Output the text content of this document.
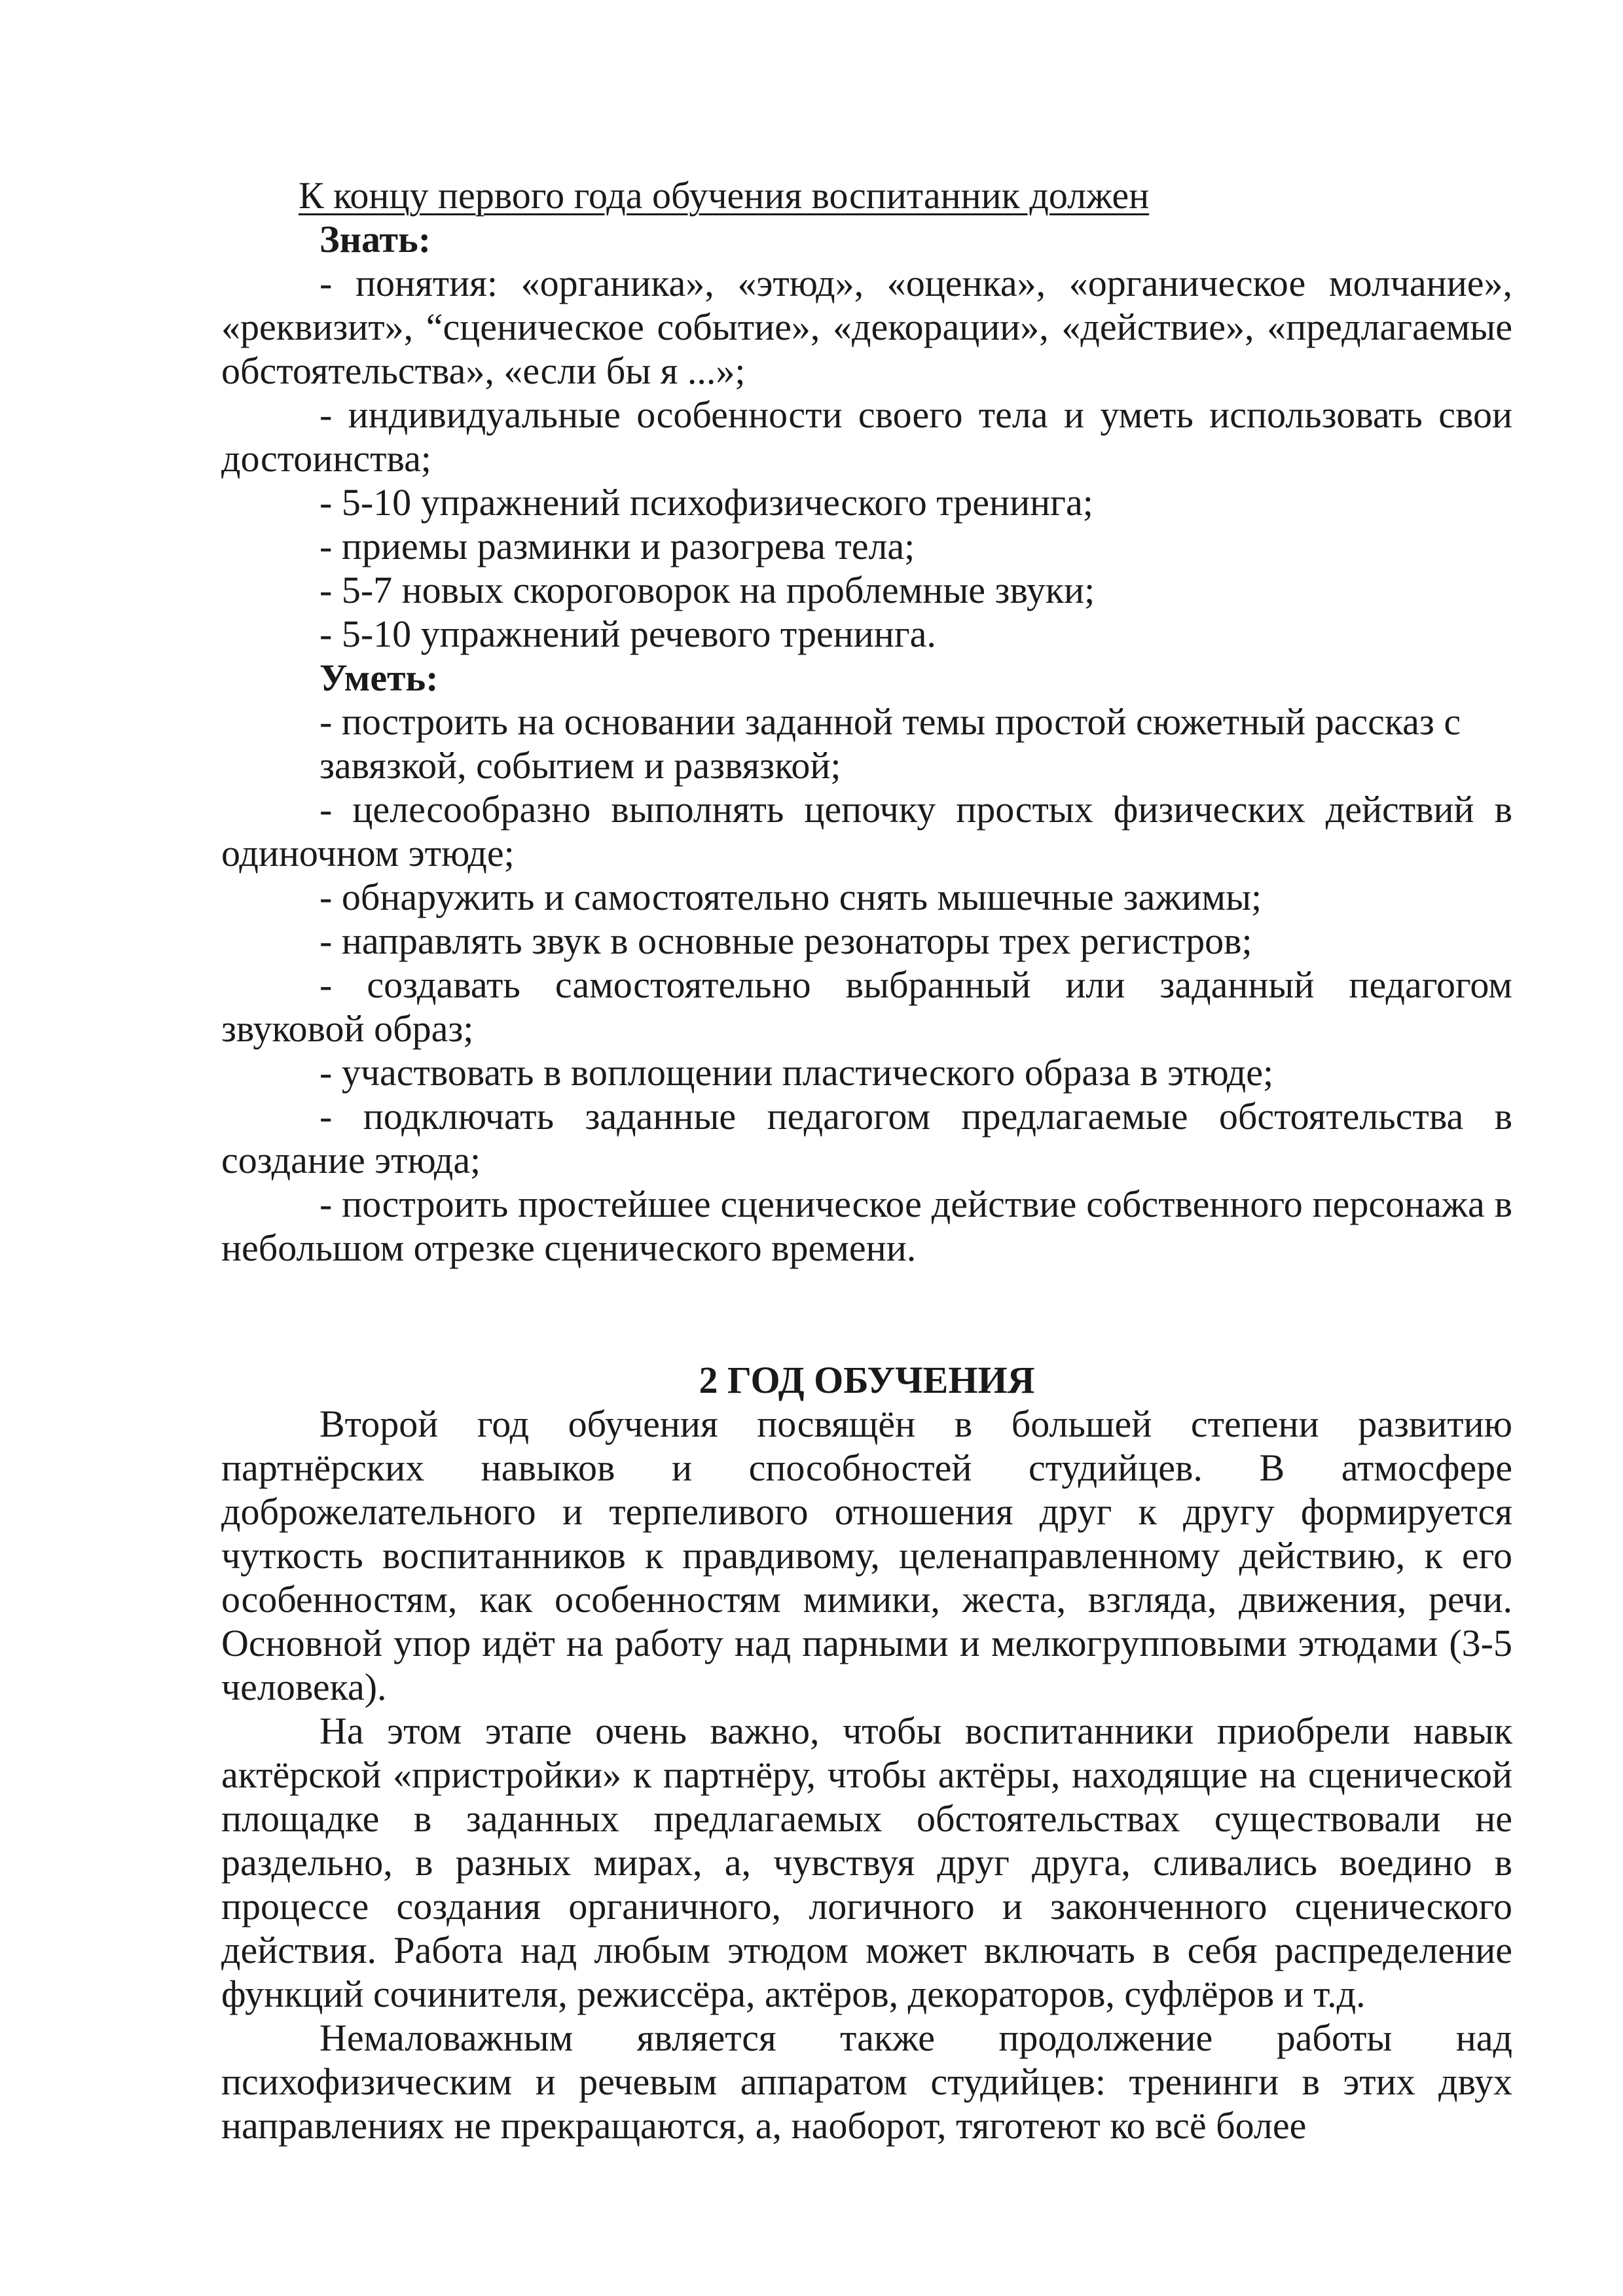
К концу первого года обучения воспитанник должен
Знать:
- понятия: «органика», «этюд», «оценка», «органическое молчание»,
«реквизит», “сценическое событие», «декорации», «действие», «предлагаемые
обстоятельства», «если бы я ...»;
- индивидуальные особенности своего тела и уметь использовать свои
достоинства;
- 5-10 упражнений психофизического тренинга;
- приемы разминки и разогрева тела;
- 5-7 новых скороговорок на проблемные звуки;
- 5-10 упражнений речевого тренинга.
Уметь:
- построить на основании заданной темы простой сюжетный рассказ с
завязкой, событием и развязкой;
- целесообразно выполнять цепочку простых физических действий в
одиночном этюде;
- обнаружить и самостоятельно снять мышечные зажимы;
- направлять звук в основные резонаторы трех регистров;
- создавать самостоятельно выбранный или заданный педагогом
звуковой образ;
- участвовать в воплощении пластического образа в этюде;
- подключать заданные педагогом предлагаемые обстоятельства в
создание этюда;
- построить простейшее сценическое действие собственного персонажа в
небольшом отрезке сценического времени.
2 ГОД ОБУЧЕНИЯ

Второй год обучения посвящён в большей степени развитию партнёрских навыков и способностей студийцев. В атмосфере доброжелательного и терпеливого отношения друг к другу формируется чуткость воспитанников к правдивому, целенаправленному действию, к его особенностям, как особенностям мимики, жеста, взгляда, движения, речи. Основной упор идёт на работу над парными и мелкогрупповыми этюдами (3-5 человека).

На этом этапе очень важно, чтобы воспитанники приобрели навык актёрской «пристройки» к партнёру, чтобы актёры, находящие на сценической площадке в заданных предлагаемых обстоятельствах существовали не раздельно, в разных мирах, а, чувствуя друг друга, сливались воедино в процессе создания органичного, логичного и законченного сценического действия. Работа над любым этюдом может включать в себя распределение функций сочинителя, режиссёра, актёров, декораторов, суфлёров и т.д.

Немаловажным является также продолжение работы над психофизическим и речевым аппаратом студийцев: тренинги в этих двух направлениях не прекращаются, а, наоборот, тяготеют ко всё более
